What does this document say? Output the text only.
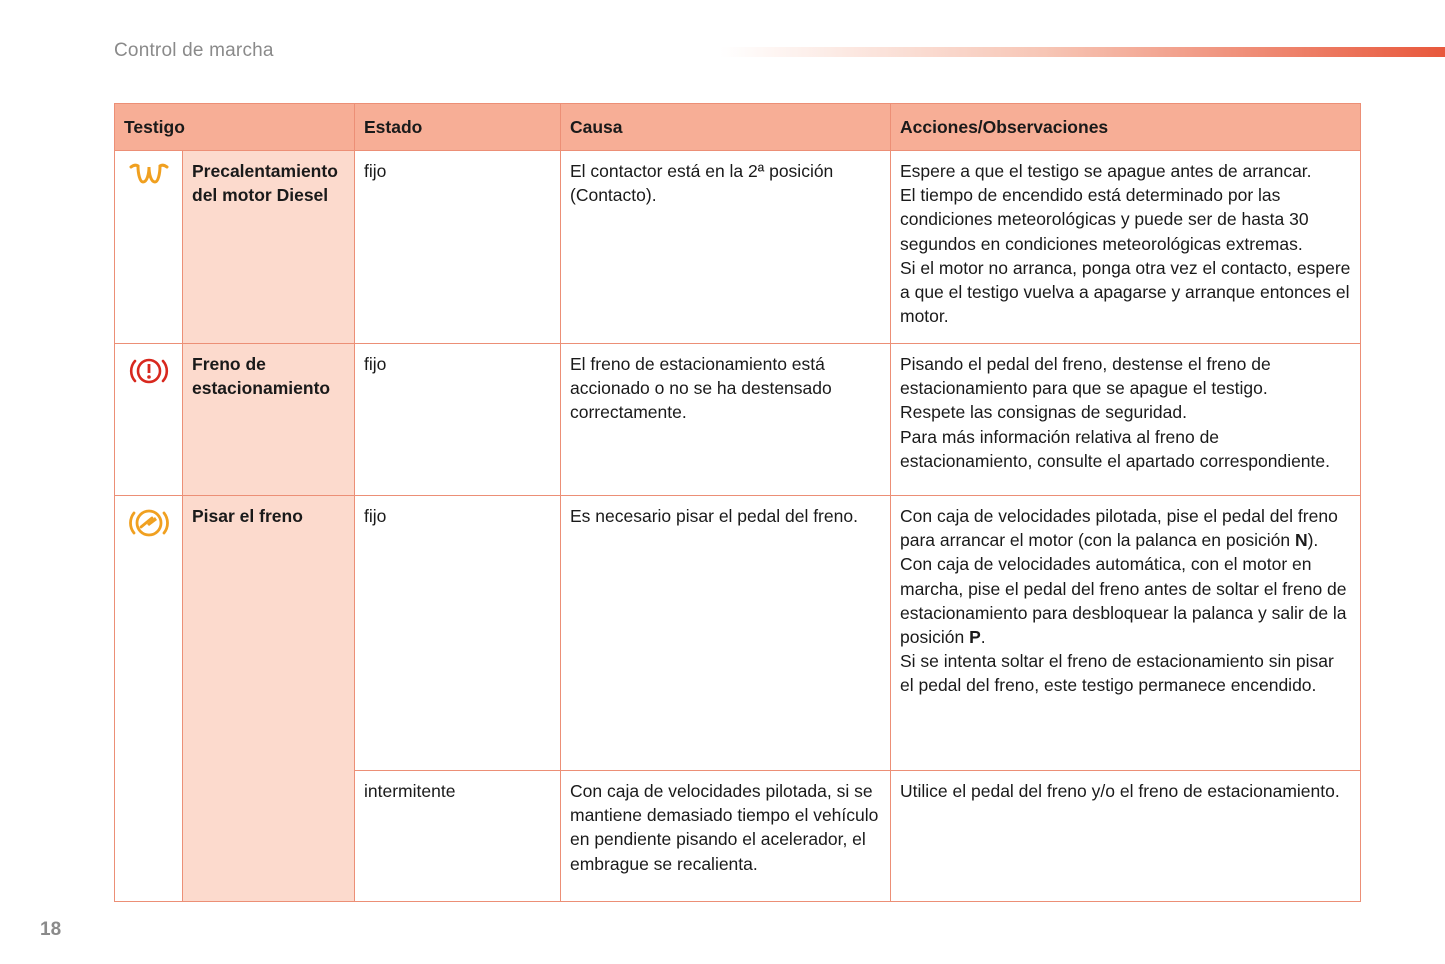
Control de marcha
Testigo		Estado	Causa	Acciones/Observaciones

	Precalentamiento del motor Diesel	fijo	El contactor está en la 2ª posición (Contacto).	Espere a que el testigo se apague antes de arrancar.

El tiempo de encendido está determinado por las condiciones meteorológicas y puede ser de hasta 30 segundos en condiciones meteorológicas extremas.

Si el motor no arranca, ponga otra vez el contacto, espere a que el testigo vuelva a apagarse y arranque entonces el motor.

	Freno de estacionamiento	fijo	El freno de estacionamiento está accionado o no se ha destensado correctamente.	Pisando el pedal del freno, destense el freno de estacionamiento para que se apague el testigo.

Respete las consignas de seguridad.

Para más información relativa al freno de estacionamiento, consulte el apartado correspondiente.

	Pisar el freno	fijo	Es necesario pisar el pedal del freno.	Con caja de velocidades pilotada, pise el pedal del freno para arrancar el motor (con la palanca en posición N).

Con caja de velocidades automática, con el motor en marcha, pise el pedal del freno antes de soltar el freno de estacionamiento para desbloquear la palanca y salir de la posición P.

Si se intenta soltar el freno de estacionamiento sin pisar el pedal del freno, este testigo permanece encendido.

		intermitente	Con caja de velocidades pilotada, si se mantiene demasiado tiempo el vehículo en pendiente pisando el acelerador, el embrague se recalienta.	Utilice el pedal del freno y/o el freno de estacionamiento.
18
